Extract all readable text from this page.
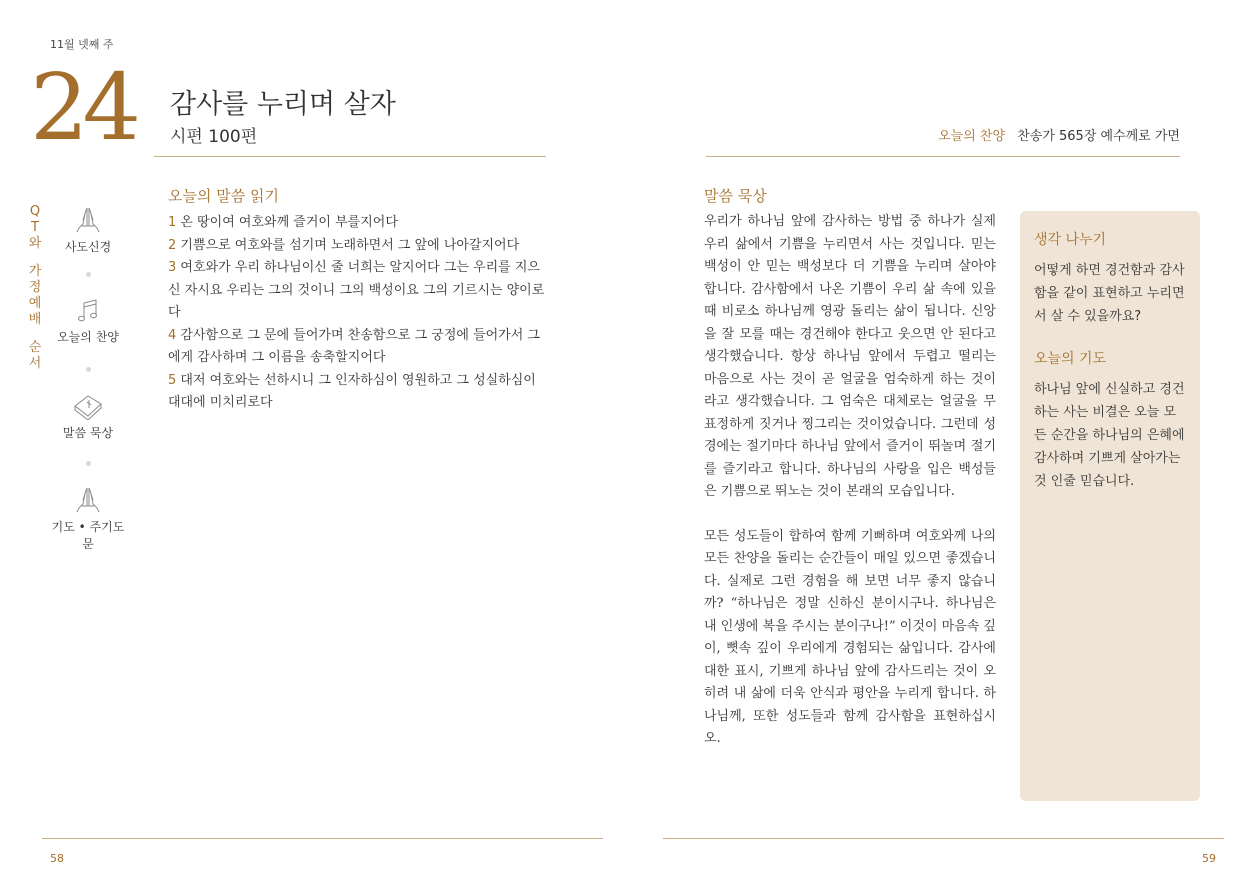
11월 넷째 주
24 감사를 누리며 살자
시편 100편	오늘의 찬양 찬송가 565장 예수께로 가면
Q
T
와
가
정
예
배
순
서
사도신경
오늘의 찬양
말씀 묵상
기도 • 주기도문
오늘의 말씀 읽기

1 온 땅이여 여호와께 즐거이 부를지어다

2 기쁨으로 여호와를 섬기며 노래하면서 그 앞에 나아갈지어다

3 여호와가 우리 하나님이신 줄 너희는 알지어다 그는 우리를 지으신 자시요 우리는 그의 것이니 그의 백성이요 그의 기르시는 양이로다

4 감사함으로 그 문에 들어가며 찬송함으로 그 궁정에 들어가서 그에게 감사하며 그 이름을 송축할지어다

5 대저 여호와는 선하시니 그 인자하심이 영원하고 그 성실하심이 대대에 미치리로다

말씀 묵상

우리가 하나님 앞에 감사하는 방법 중 하나가 실제 우리 삶에서 기쁨을 누리면서 사는 것입니다. 믿는 백성이 안 믿는 백성보다 더 기쁨을 누리며 살아야 합니다. 감사함에서 나온 기쁨이 우리 삶 속에 있을 때 비로소 하나님께 영광 돌리는 삶이 됩니다. 신앙을 잘 모를 때는 경건해야 한다고 웃으면 안 된다고 생각했습니다. 항상 하나님 앞에서 두렵고 떨리는 마음으로 사는 것이 곧 얼굴을 엄숙하게 하는 것이라고 생각했습니다. 그 엄숙은 대체로는 얼굴을 무표정하게 짓거나 찡그리는 것이었습니다. 그런데 성경에는 절기마다 하나님 앞에서 즐거이 뛰놀며 절기를 즐기라고 합니다. 하나님의 사랑을 입은 백성들은 기쁨으로 뛰노는 것이 본래의 모습입니다.

모든 성도들이 합하여 함께 기뻐하며 여호와께 나의 모든 찬양을 돌리는 순간들이 매일 있으면 좋겠습니다. 실제로 그런 경험을 해 보면 너무 좋지 않습니까? “하나님은 정말 신하신 분이시구나. 하나님은 내 인생에 복을 주시는 분이구나!” 이것이 마음속 깊이, 뼛속 깊이 우리에게 경험되는 삶입니다. 감사에 대한 표시, 기쁘게 하나님 앞에 감사드리는 것이 오히려 내 삶에 더욱 안식과 평안을 누리게 합니다. 하나님께, 또한 성도들과 함께 감사함을 표현하십시오.

생각 나누기
어떻게 하면 경건함과 감사함을 같이 표현하고 누리면서 살 수 있을까요?
오늘의 기도
하나님 앞에 신실하고 경건하는 사는 비결은 오늘 모든 순간을 하나님의 은혜에 감사하며 기쁘게 살아가는 것 인줄 믿습니다.
58	59
